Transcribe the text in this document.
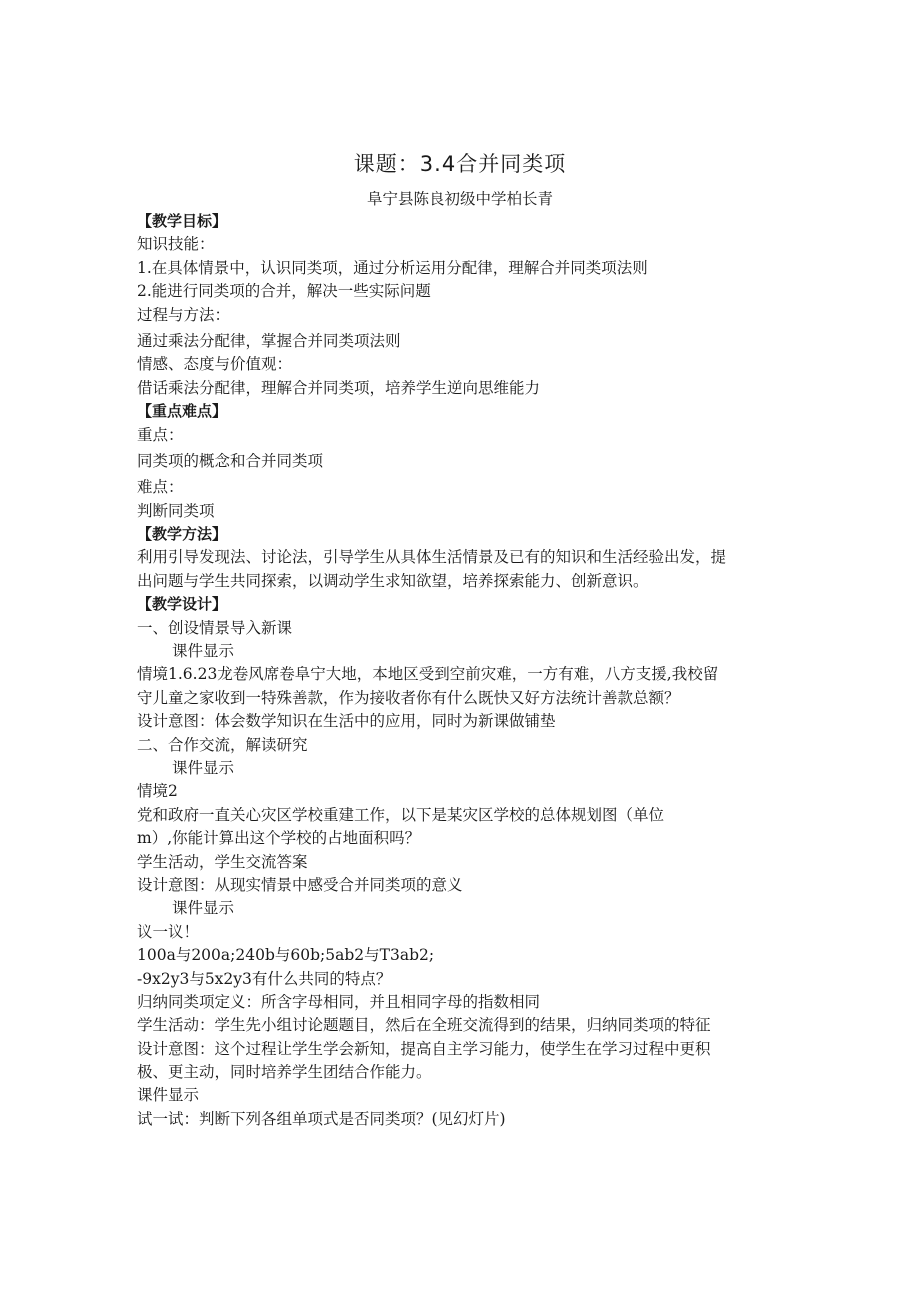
课题：3.4合并同类项
阜宁县陈良初级中学柏长青
【教学目标】
知识技能：
1.在具体情景中，认识同类项，通过分析运用分配律，理解合并同类项法则
2.能进行同类项的合并，解决一些实际问题
过程与方法：
通过乘法分配律，掌握合并同类项法则
情感、态度与价值观：
借话乘法分配律，理解合并同类项，培养学生逆向思维能力
【重点难点】
重点：
同类项的概念和合并同类项
难点：
判断同类项
【教学方法】
利用引导发现法、讨论法，引导学生从具体生活情景及已有的知识和生活经验出发，提
出问题与学生共同探索，以调动学生求知欲望，培养探索能力、创新意识。
【教学设计】
一、创设情景导入新课
课件显示
情境1.6.23龙卷风席卷阜宁大地，本地区受到空前灾难，一方有难，八方支援,我校留
守儿童之家收到一特殊善款，作为接收者你有什么既快又好方法统计善款总额？
设计意图：体会数学知识在生活中的应用，同时为新课做铺垫
二、合作交流，解读研究
课件显示
情境2
党和政府一直关心灾区学校重建工作，以下是某灾区学校的总体规划图（单位
m）,你能计算出这个学校的占地面积吗？
学生活动，学生交流答案
设计意图：从现实情景中感受合并同类项的意义
课件显示
议一议！
100a与200a;240b与60b;5ab2与T3ab2;
-9x2y3与5x2y3有什么共同的特点？
归纳同类项定义：所含字母相同，并且相同字母的指数相同
学生活动：学生先小组讨论题题目，然后在全班交流得到的结果，归纳同类项的特征
设计意图：这个过程让学生学会新知，提高自主学习能力，使学生在学习过程中更积
极、更主动，同时培养学生团结合作能力。
课件显示
试一试：判断下列各组单项式是否同类项？(见幻灯片)
